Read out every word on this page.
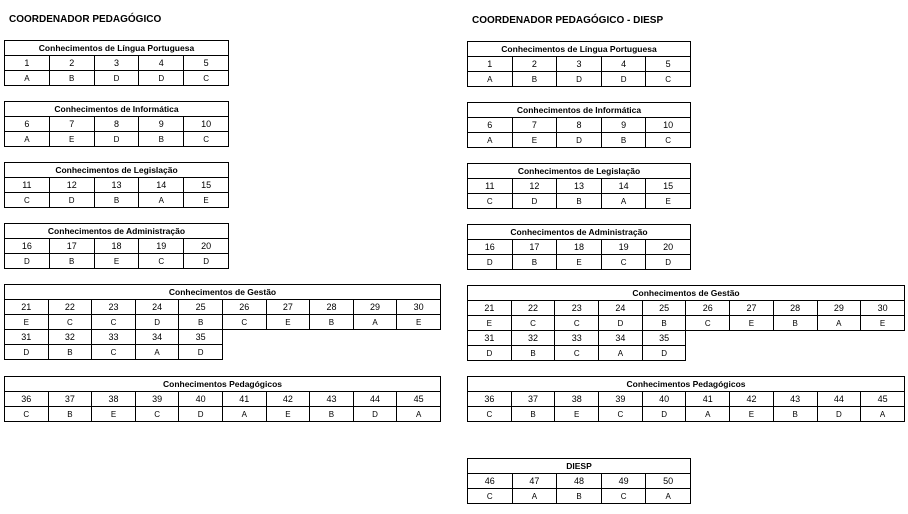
COORDENADOR PEDAGÓGICO	COORDENADOR PEDAGÓGICO - DIESP
Conhecimentos de Língua Portuguesa				
1	2	3	4	5
A	B	D	D	C
Conhecimentos de Informática				
6	7	8	9	10
A	E	D	B	C
Conhecimentos de Legislação				
11	12	13	14	15
C	D	B	A	E
Conhecimentos de Administração				
16	17	18	19	20
D	B	E	C	D
Conhecimentos de Gestão									
21	22	23	24	25	26	27	28	29	30
E	C	C	D	B	C	E	B	A	E
31	32	33	34	35					
D	B	C	A	D					
Conhecimentos Pedagógicos									
36	37	38	39	40	41	42	43	44	45
C	B	E	C	D	A	E	B	D	A
Conhecimentos de Língua Portuguesa				
1	2	3	4	5
A	B	D	D	C
Conhecimentos de Informática				
6	7	8	9	10
A	E	D	B	C
Conhecimentos de Legislação				
11	12	13	14	15
C	D	B	A	E
Conhecimentos de Administração				
16	17	18	19	20
D	B	E	C	D
Conhecimentos de Gestão									
21	22	23	24	25	26	27	28	29	30
E	C	C	D	B	C	E	B	A	E
31	32	33	34	35					
D	B	C	A	D					
Conhecimentos Pedagógicos									
36	37	38	39	40	41	42	43	44	45
C	B	E	C	D	A	E	B	D	A
DIESP				
46	47	48	49	50
C	A	B	C	A
